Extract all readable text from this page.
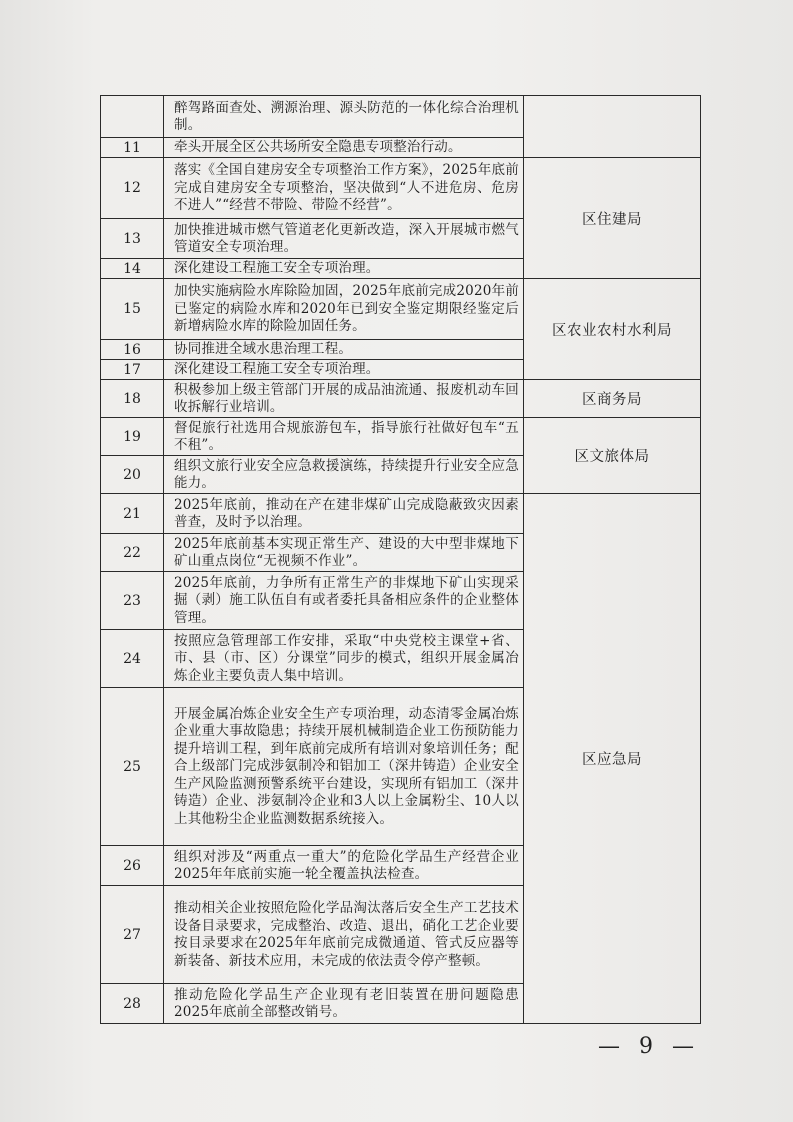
	醉驾路面查处、溯源治理、源头防范的一体化综合治理机制。	
11	牵头开展全区公共场所安全隐患专项整治行动。	
12	落实《全国自建房安全专项整治工作方案》，2025年底前完成自建房安全专项整治，坚决做到“人不进危房、危房不进人”“经营不带险、带险不经营”。	区住建局
13	加快推进城市燃气管道老化更新改造，深入开展城市燃气管道安全专项治理。	
14	深化建设工程施工安全专项治理。	
15	加快实施病险水库除险加固，2025年底前完成2020年前已鉴定的病险水库和2020年已到安全鉴定期限经鉴定后新增病险水库的除险加固任务。	区农业农村水利局
16	协同推进全域水患治理工程。	
17	深化建设工程施工安全专项治理。	
18	积极参加上级主管部门开展的成品油流通、报废机动车回收拆解行业培训。	区商务局
19	督促旅行社选用合规旅游包车，指导旅行社做好包车“五不租”。	区文旅体局
20	组织文旅行业安全应急救援演练，持续提升行业安全应急能力。	
21	2025年底前，推动在产在建非煤矿山完成隐蔽致灾因素普查，及时予以治理。	区应急局
22	2025年底前基本实现正常生产、建设的大中型非煤地下矿山重点岗位“无视频不作业”。	
23	2025年底前，力争所有正常生产的非煤地下矿山实现采掘（剥）施工队伍自有或者委托具备相应条件的企业整体管理。	
24	按照应急管理部工作安排，采取“中央党校主课堂+省、市、县（市、区）分课堂”同步的模式，组织开展金属冶炼企业主要负责人集中培训。	
25	开展金属冶炼企业安全生产专项治理，动态清零金属冶炼企业重大事故隐患；持续开展机械制造企业工伤预防能力提升培训工程，到年底前完成所有培训对象培训任务；配合上级部门完成涉氨制冷和铝加工（深井铸造）企业安全生产风险监测预警系统平台建设，实现所有铝加工（深井铸造）企业、涉氨制冷企业和3人以上金属粉尘、10人以上其他粉尘企业监测数据系统接入。	
26	组织对涉及“两重点一重大”的危险化学品生产经营企业2025年年底前实施一轮全覆盖执法检查。	
27	推动相关企业按照危险化学品淘汰落后安全生产工艺技术设备目录要求，完成整治、改造、退出，硝化工艺企业要按目录要求在2025年年底前完成微通道、管式反应器等新装备、新技术应用，未完成的依法责令停产整顿。	
28	推动危险化学品生产企业现有老旧装置在册问题隐患2025年底前全部整改销号。	
— 9 —
